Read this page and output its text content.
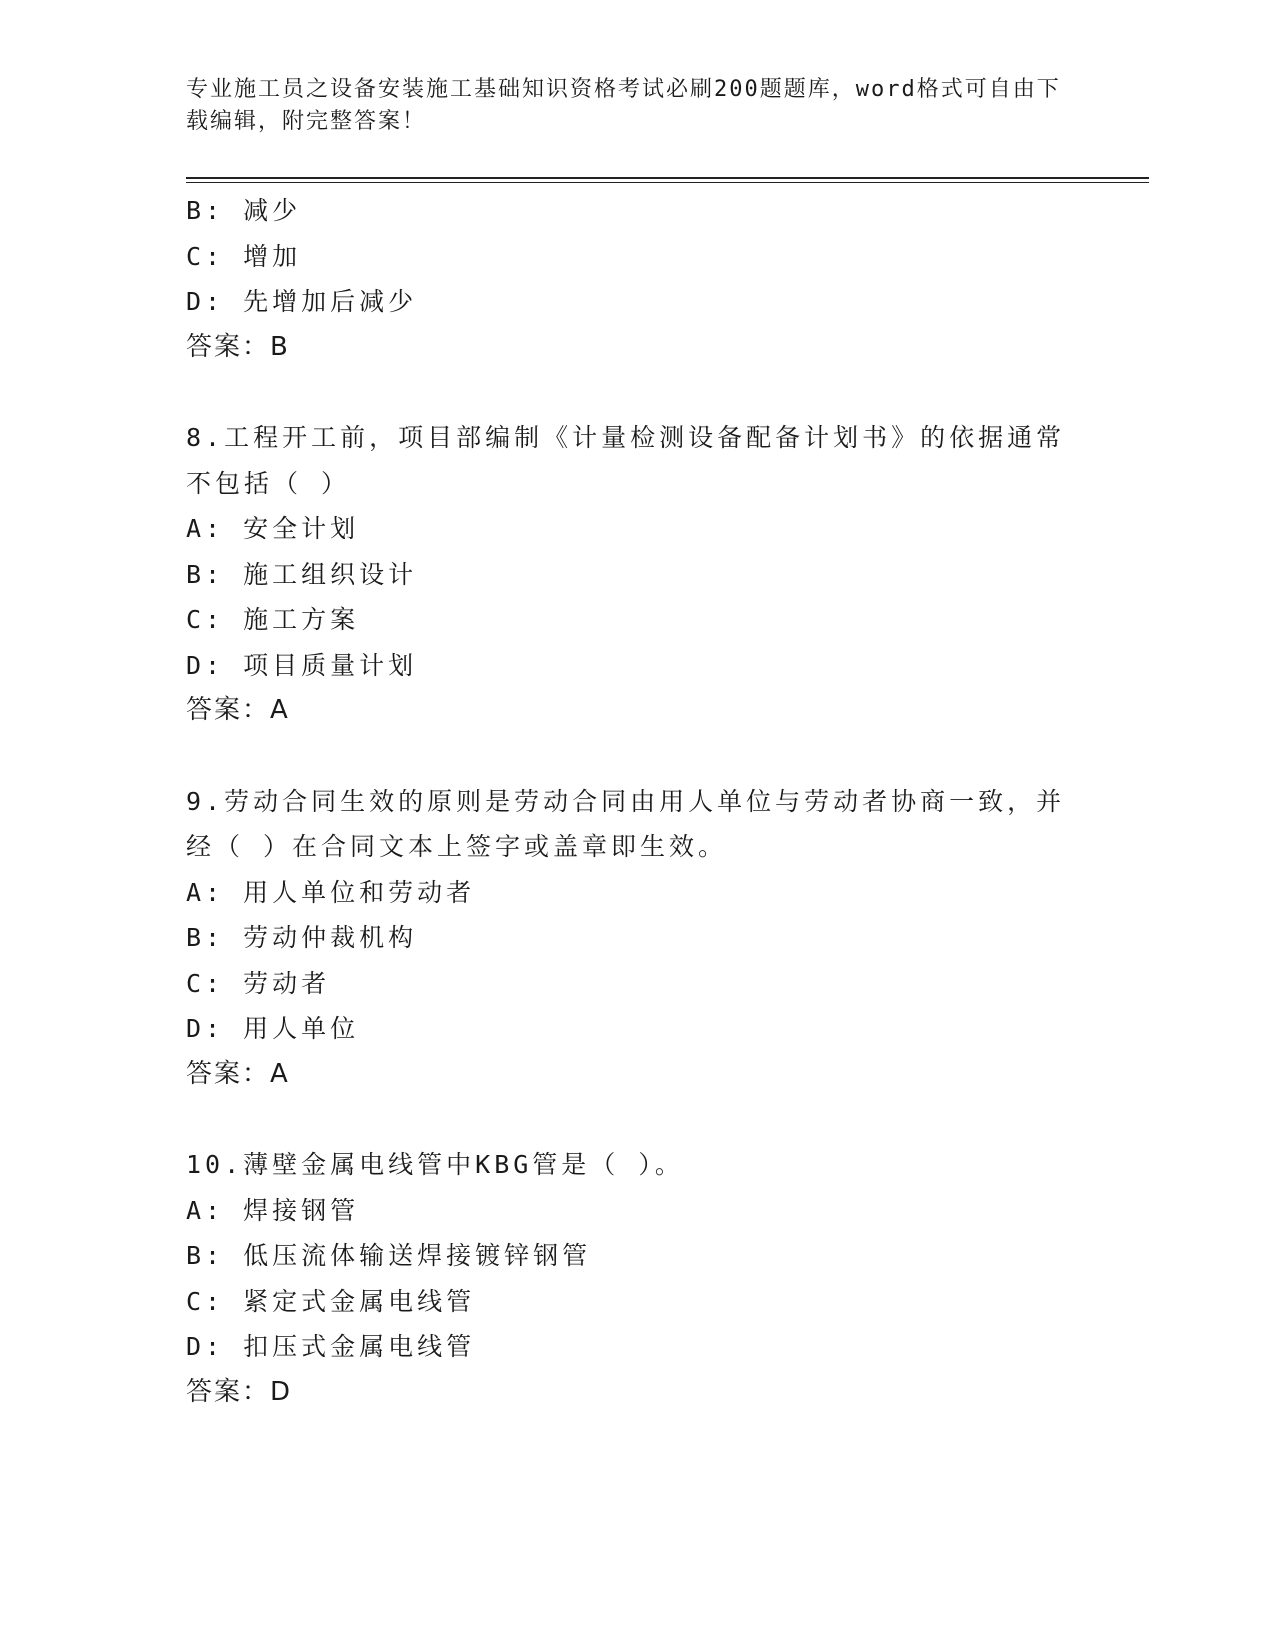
专业施工员之设备安装施工基础知识资格考试必刷200题题库，word格式可自由下载编辑，附完整答案！
B: 减少
C: 增加
D: 先增加后减少
答案：B
8.工程开工前，项目部编制《计量检测设备配备计划书》的依据通常不包括（ ）
A: 安全计划
B: 施工组织设计
C: 施工方案
D: 项目质量计划
答案：A
9.劳动合同生效的原则是劳动合同由用人单位与劳动者协商一致，并经（ ）在合同文本上签字或盖章即生效。
A: 用人单位和劳动者
B: 劳动仲裁机构
C: 劳动者
D: 用人单位
答案：A
10.薄壁金属电线管中KBG管是（ ）。
A: 焊接钢管
B: 低压流体输送焊接镀锌钢管
C: 紧定式金属电线管
D: 扣压式金属电线管
答案：D
